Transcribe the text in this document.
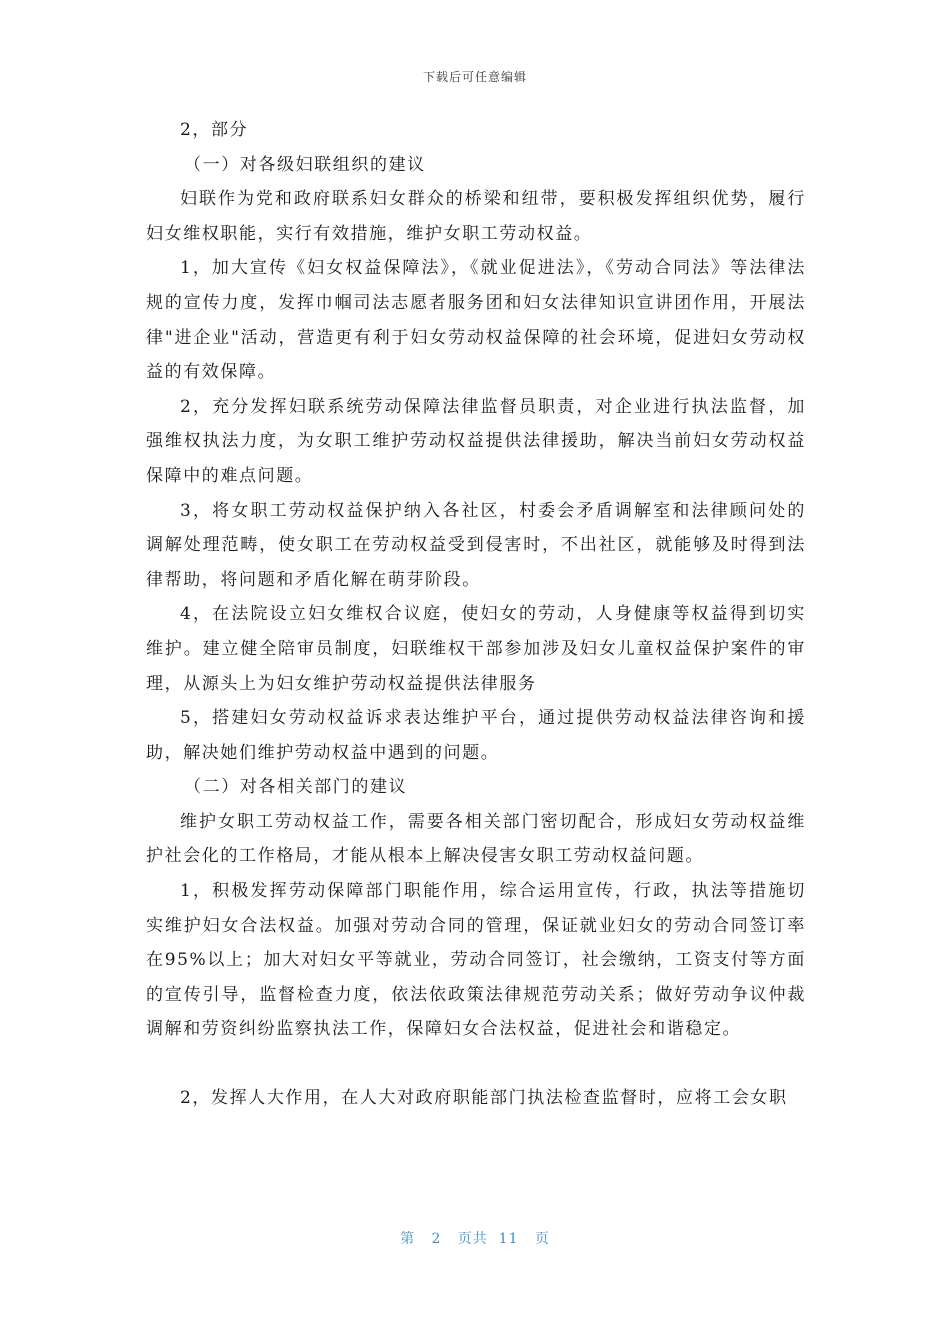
下载后可任意编辑

2，部分

（一）对各级妇联组织的建议

妇联作为党和政府联系妇女群众的桥梁和纽带，要积极发挥组织优势，履行妇女维权职能，实行有效措施，维护女职工劳动权益。

1，加大宣传《妇女权益保障法》，《就业促进法》，《劳动合同法》等法律法规的宣传力度，发挥巾帼司法志愿者服务团和妇女法律知识宣讲团作用，开展法律"进企业"活动，营造更有利于妇女劳动权益保障的社会环境，促进妇女劳动权益的有效保障。

2，充分发挥妇联系统劳动保障法律监督员职责，对企业进行执法监督，加强维权执法力度，为女职工维护劳动权益提供法律援助，解决当前妇女劳动权益保障中的难点问题。

3，将女职工劳动权益保护纳入各社区，村委会矛盾调解室和法律顾问处的调解处理范畴，使女职工在劳动权益受到侵害时，不出社区，就能够及时得到法律帮助，将问题和矛盾化解在萌芽阶段。

4，在法院设立妇女维权合议庭，使妇女的劳动，人身健康等权益得到切实维护。建立健全陪审员制度，妇联维权干部参加涉及妇女儿童权益保护案件的审理，从源头上为妇女维护劳动权益提供法律服务

5，搭建妇女劳动权益诉求表达维护平台，通过提供劳动权益法律咨询和援助，解决她们维护劳动权益中遇到的问题。

（二）对各相关部门的建议

维护女职工劳动权益工作，需要各相关部门密切配合，形成妇女劳动权益维护社会化的工作格局，才能从根本上解决侵害女职工劳动权益问题。

1，积极发挥劳动保障部门职能作用，综合运用宣传，行政，执法等措施切实维护妇女合法权益。加强对劳动合同的管理，保证就业妇女的劳动合同签订率在95%以上；加大对妇女平等就业，劳动合同签订，社会缴纳，工资支付等方面的宣传引导，监督检查力度，依法依政策法律规范劳动关系；做好劳动争议仲裁调解和劳资纠纷监察执法工作，保障妇女合法权益，促进社会和谐稳定。

2，发挥人大作用，在人大对政府职能部门执法检查监督时，应将工会女职

第 2 页共 11 页
